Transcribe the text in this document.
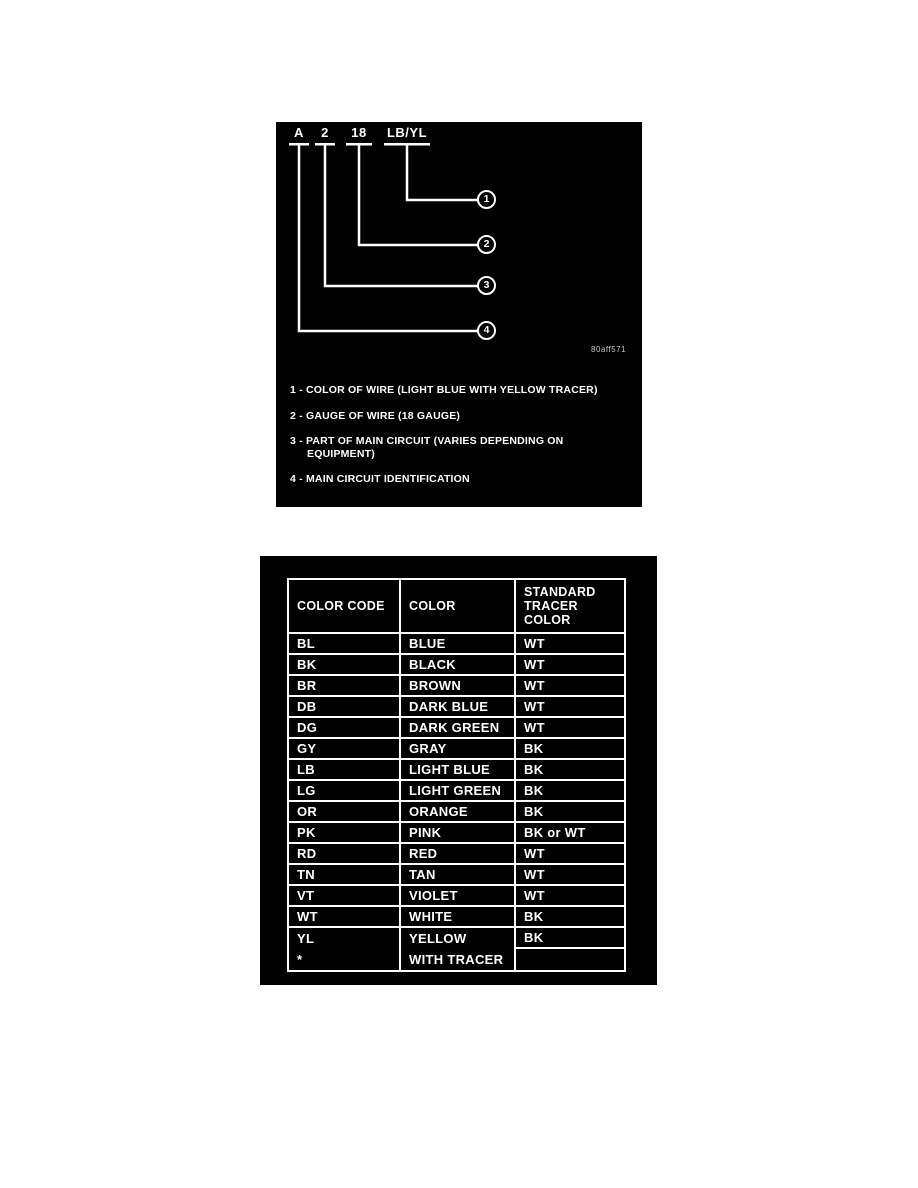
A	2	18	LB/YL
1
2
3
4
80aff571
1 - COLOR OF WIRE (LIGHT BLUE WITH YELLOW TRACER)
2 - GAUGE OF WIRE (18 GAUGE)
3 - PART OF MAIN CIRCUIT (VARIES DEPENDING ON EQUIPMENT)
4 - MAIN CIRCUIT IDENTIFICATION
COLOR CODE	COLOR	STANDARD TRACER COLOR
BL	BLUE	WT
BK	BLACK	WT
BR	BROWN	WT
DB	DARK BLUE	WT
DG	DARK GREEN	WT
GY	GRAY	BK
LB	LIGHT BLUE	BK
LG	LIGHT GREEN	BK
OR	ORANGE	BK
PK	PINK	BK or WT
RD	RED	WT
TN	TAN	WT
VT	VIOLET	WT
WT	WHITE	BK
YL	YELLOW	BK
*	WITH TRACER	
